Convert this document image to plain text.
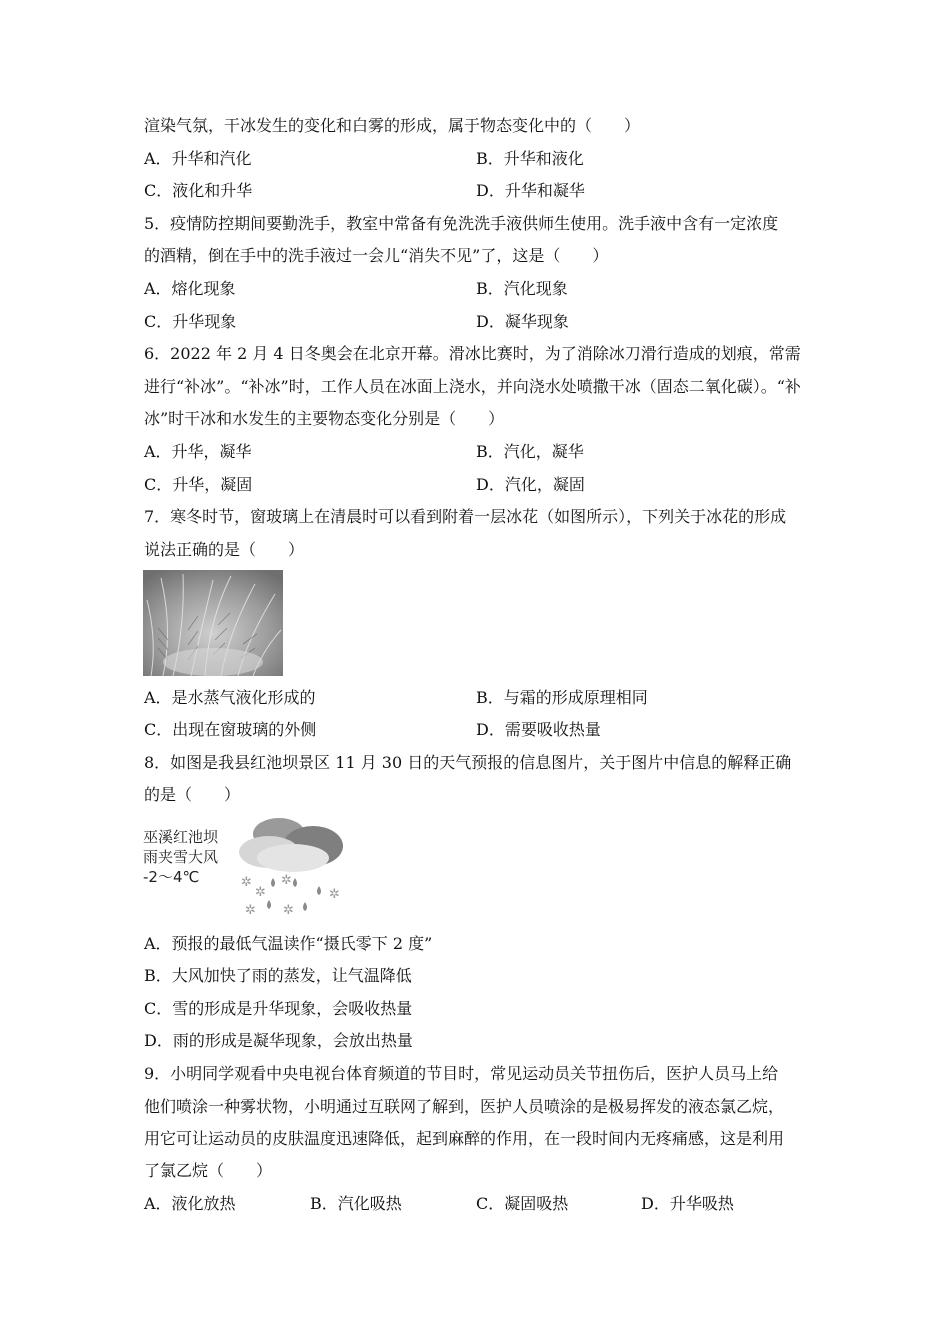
渲染气氛，干冰发生的变化和白雾的形成，属于物态变化中的（　　）
A．升华和汽化	B．升华和液化
C．液化和升华	D．升华和凝华
5．疫情防控期间要勤洗手，教室中常备有免洗洗手液供师生使用。洗手液中含有一定浓度
的酒精，倒在手中的洗手液过一会儿“消失不见”了，这是（　　）
A．熔化现象	B．汽化现象
C．升华现象	D．凝华现象
6．2022 年 2 月 4 日冬奥会在北京开幕。滑冰比赛时，为了消除冰刀滑行造成的划痕，常需
进行“补冰”。“补冰”时，工作人员在冰面上浇水，并向浇水处喷撒干冰（固态二氧化碳）。“补
冰”时干冰和水发生的主要物态变化分别是（　　）
A．升华，凝华	B．汽化，凝华
C．升华，凝固	D．汽化，凝固
7．寒冬时节，窗玻璃上在清晨时可以看到附着一层冰花（如图所示），下列关于冰花的形成
说法正确的是（　　）
A．是水蒸气液化形成的	B．与霜的形成原理相同
C．出现在窗玻璃的外侧	D．需要吸收热量
8．如图是我县红池坝景区 11 月 30 日的天气预报的信息图片，关于图片中信息的解释正确
的是（　　）
巫溪红池坝
雨夹雪大风
-2～4℃	✲
✲
✲	✲
✲
✲
A．预报的最低气温读作“摄氏零下 2 度”
B．大风加快了雨的蒸发，让气温降低
C．雪的形成是升华现象，会吸收热量
D．雨的形成是凝华现象，会放出热量
9．小明同学观看中央电视台体育频道的节目时，常见运动员关节扭伤后，医护人员马上给
他们喷涂一种雾状物，小明通过互联网了解到，医护人员喷涂的是极易挥发的液态氯乙烷，
用它可让运动员的皮肤温度迅速降低，起到麻醉的作用，在一段时间内无疼痛感，这是利用
了氯乙烷（　　）
A．液化放热	B．汽化吸热	C．凝固吸热	D．升华吸热
